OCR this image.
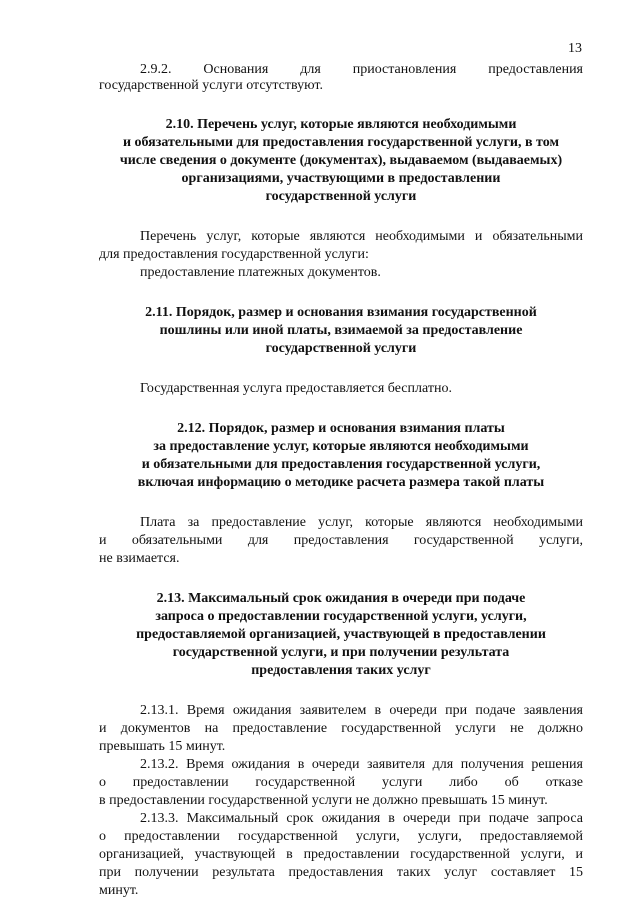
13
2.9.2. Основания для приостановления предоставления
государственной услуги отсутствуют.
2.10. Перечень услуг, которые являются необходимыми
и обязательными для предоставления государственной услуги, в том
числе сведения о документе (документах), выдаваемом (выдаваемых)
организациями, участвующими в предоставлении
государственной услуги
Перечень услуг, которые являются необходимыми и обязательными
для предоставления государственной услуги:
предоставление платежных документов.
2.11. Порядок, размер и основания взимания государственной
пошлины или иной платы, взимаемой за предоставление
государственной услуги
Государственная услуга предоставляется бесплатно.
2.12. Порядок, размер и основания взимания платы
за предоставление услуг, которые являются необходимыми
и обязательными для предоставления государственной услуги,
включая информацию о методике расчета размера такой платы
Плата за предоставление услуг, которые являются необходимыми
и обязательными для предоставления государственной услуги,
не взимается.
2.13. Максимальный срок ожидания в очереди при подаче
запроса о предоставлении государственной услуги, услуги,
предоставляемой организацией, участвующей в предоставлении
государственной услуги, и при получении результата
предоставления таких услуг
2.13.1. Время ожидания заявителем в очереди при подаче заявления
и документов на предоставление государственной услуги не должно
превышать 15 минут.
2.13.2. Время ожидания в очереди заявителя для получения решения
о предоставлении государственной услуги либо об отказе
в предоставлении государственной услуги не должно превышать 15 минут.
2.13.3. Максимальный срок ожидания в очереди при подаче запроса
о предоставлении государственной услуги, услуги, предоставляемой
организацией, участвующей в предоставлении государственной услуги, и
при получении результата предоставления таких услуг составляет 15
минут.
